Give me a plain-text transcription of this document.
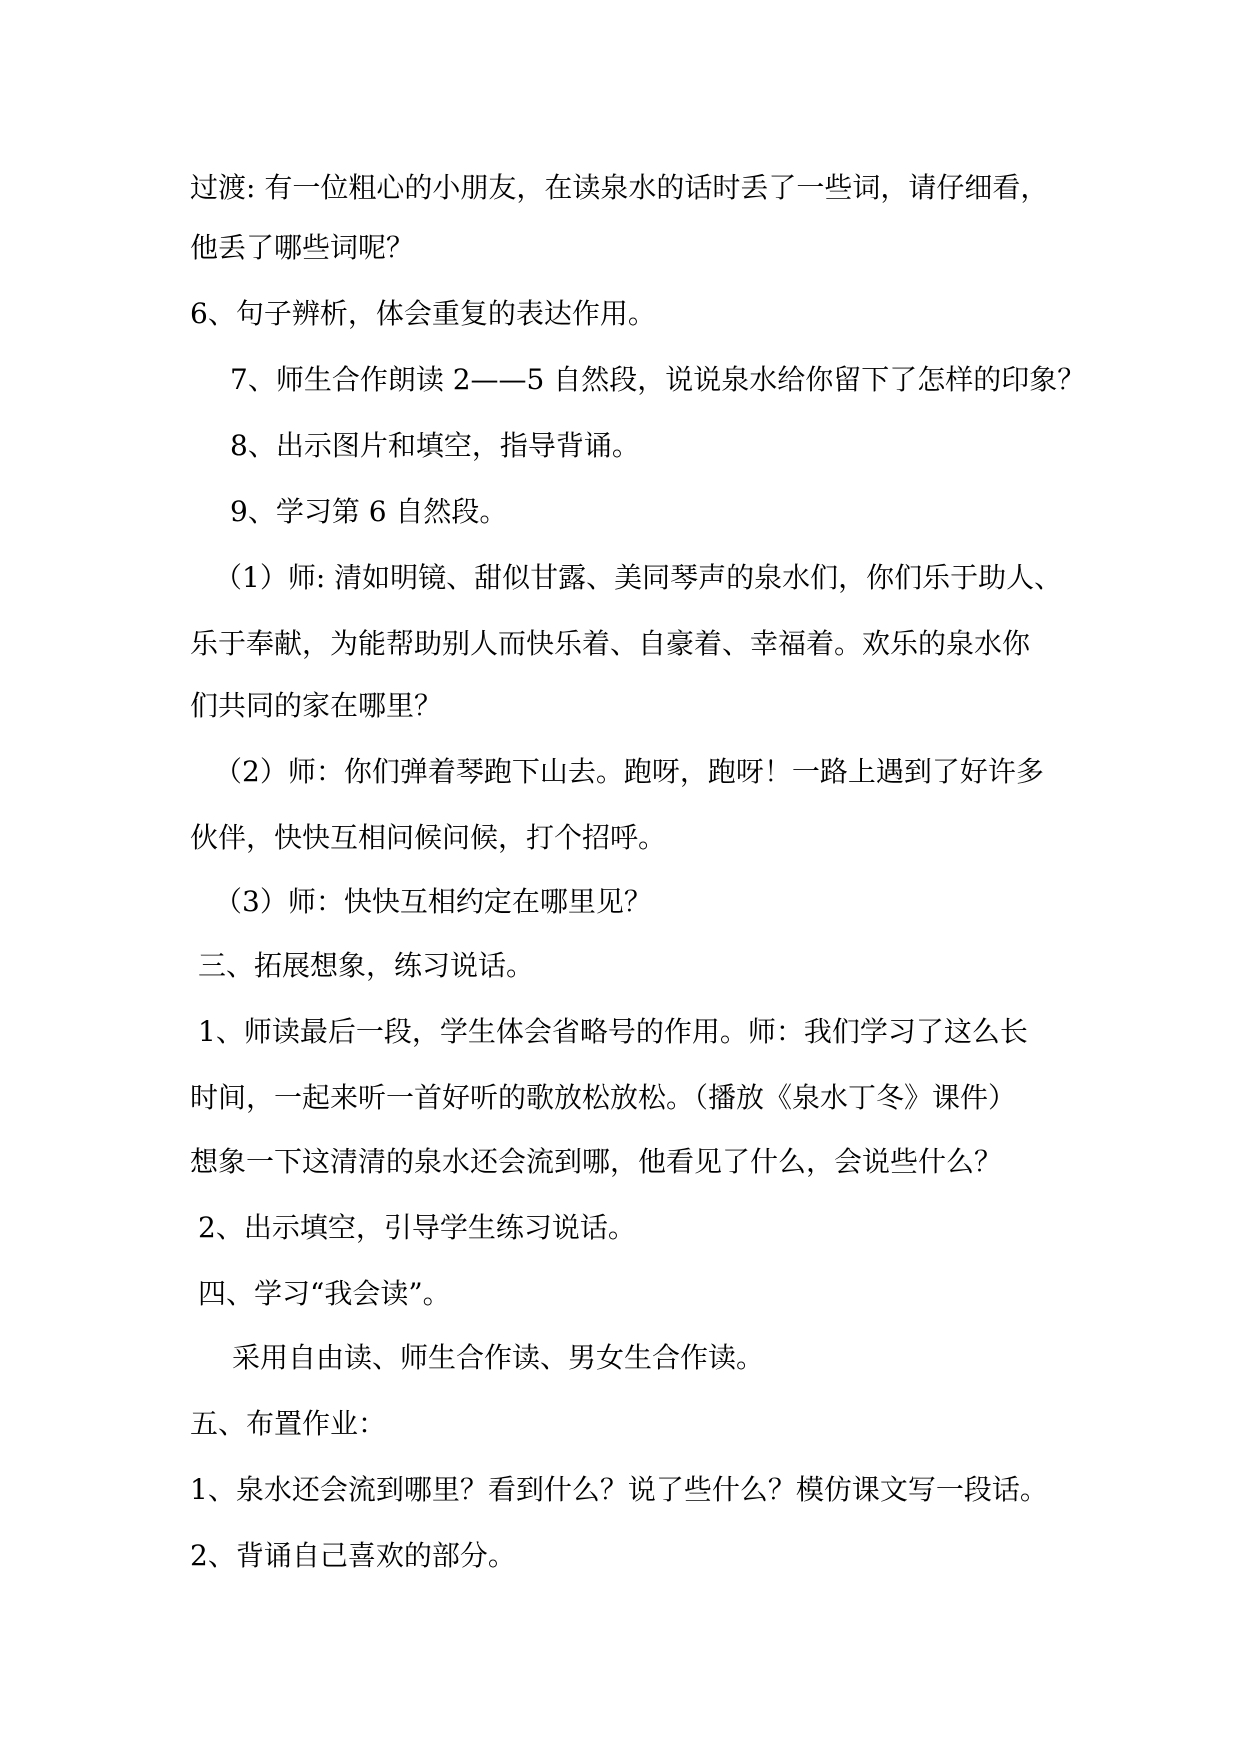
过渡: 有一位粗心的小朋友，在读泉水的话时丢了一些词，请仔细看，
他丢了哪些词呢？
6、句子辨析，体会重复的表达作用。
7、师生合作朗读 2——5 自然段，说说泉水给你留下了怎样的印象？
8、出示图片和填空，指导背诵。
9、学习第 6 自然段。
（1）师: 清如明镜、甜似甘露、美同琴声的泉水们，你们乐于助人、
乐于奉献，为能帮助别人而快乐着、自豪着、幸福着。欢乐的泉水你
们共同的家在哪里？
（2）师：你们弹着琴跑下山去。跑呀，跑呀！一路上遇到了好许多
伙伴，快快互相问候问候，打个招呼。
（3）师：快快互相约定在哪里见？
三、拓展想象，练习说话。
1、师读最后一段，学生体会省略号的作用。师：我们学习了这么长
时间，一起来听一首好听的歌放松放松。（播放《泉水丁冬》课件）
想象一下这清清的泉水还会流到哪，他看见了什么，会说些什么？
2、出示填空，引导学生练习说话。
四、学习“我会读”。
采用自由读、师生合作读、男女生合作读。
五、布置作业：
1、泉水还会流到哪里？看到什么？说了些什么？模仿课文写一段话。
2、背诵自己喜欢的部分。
